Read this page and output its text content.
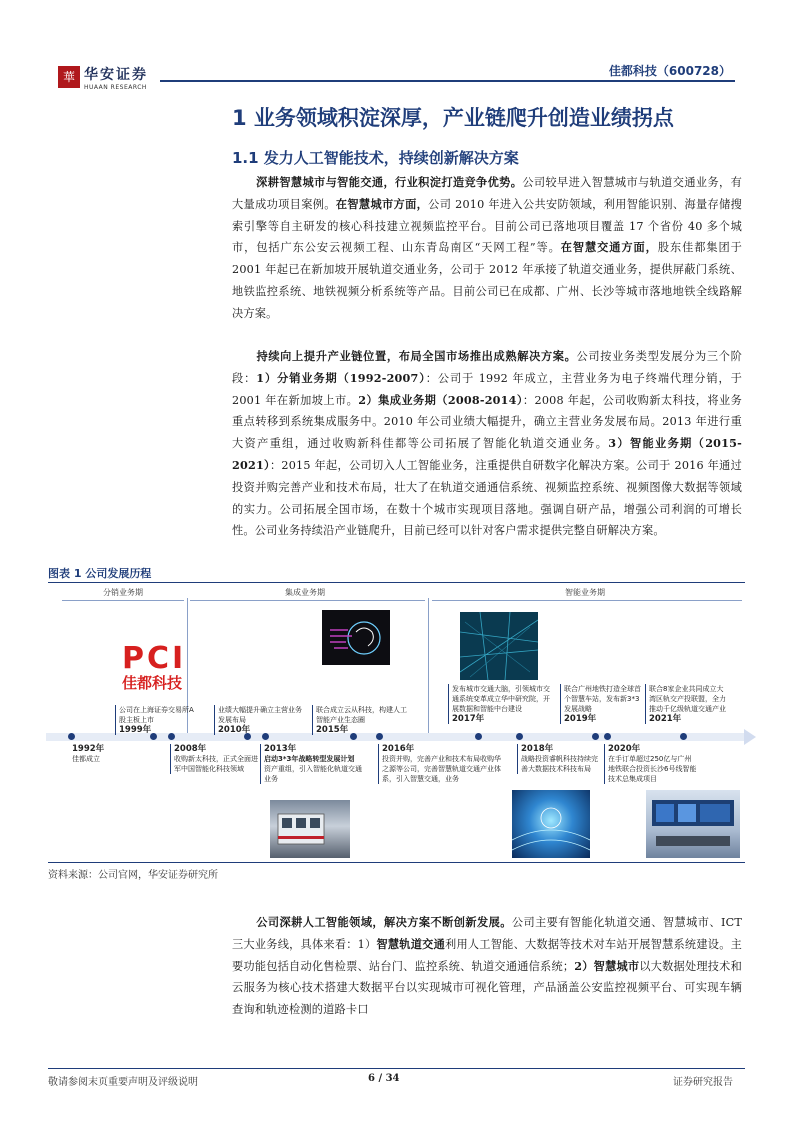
華 华安证券
HUAAN RESEARCH
佳都科技（600728）
1 业务领域积淀深厚，产业链爬升创造业绩拐点
1.1 发力人工智能技术，持续创新解决方案
深耕智慧城市与智能交通，行业积淀打造竞争优势。公司较早进入智慧城市与轨道交通业务，有大量成功项目案例。在智慧城市方面，公司 2010 年进入公共安防领域，利用智能识别、海量存储搜索引擎等自主研发的核心科技建立视频监控平台。目前公司已落地项目覆盖 17 个省份 40 多个城市，包括广东公安云视频工程、山东青岛南区“天网工程”等。在智慧交通方面，股东佳都集团于 2001 年起已在新加坡开展轨道交通业务，公司于 2012 年承接了轨道交通业务，提供屏蔽门系统、地铁监控系统、地铁视频分析系统等产品。目前公司已在成都、广州、长沙等城市落地地铁全线路解决方案。
持续向上提升产业链位置，布局全国市场推出成熟解决方案。公司按业务类型发展分为三个阶段：1）分销业务期（1992-2007）：公司于 1992 年成立，主营业务为电子终端代理分销，于 2001 年在新加坡上市。2）集成业务期（2008-2014）：2008 年起，公司收购新太科技，将业务重点转移到系统集成服务中。2010 年公司业绩大幅提升，确立主营业务发展布局。2013 年进行重大资产重组，通过收购新科佳都等公司拓展了智能化轨道交通业务。3）智能业务期（2015-2021）：2015 年起，公司切入人工智能业务，注重提供自研数字化解决方案。公司于 2016 年通过投资并购完善产业和技术布局，壮大了在轨道交通通信系统、视频监控系统、视频图像大数据等领域的实力。公司拓展全国市场，在数十个城市实现项目落地。强调自研产品，增强公司利润的可增长性。公司业务持续沿产业链爬升，目前已经可以针对客户需求提供完整自研解决方案。
图表 1 公司发展历程
分销业务期	集成业务期	智能业务期
PCI
佳都科技
公司在上海证券交易所A股主板上市
1999年
业绩大幅提升确立主营业务发展布局
2010年
联合成立云从科技，构建人工智能产业生态圈
2015年
发布城市交通大脑，引领城市交通系统变革成立华中研究院，开展数据和智能中台建设
2017年
联合广州地铁打造全球首个智慧车站，发布新3*3发展战略
2019年
联合8家企业共同成立大湾区轨交产投联盟，全力推动千亿级轨道交通产业
2021年
1992年
佳都成立
2008年
收购新太科技，正式全面进军中国智能化科技领域
2013年
启动3*3年战略转型发展计划
资产重组，引入智能化轨道交通业务
2016年
投资并购，完善产业和技术布局收购华之源等公司，完善智慧轨道交通产业体系，引入智慧交通，业务
2018年
战略投资睿帆科技持续完善大数据技术科技布局
2020年
在手订单超过250亿与广州地铁联合投资长沙6号线智能技术总集成项目
资料来源：公司官网，华安证券研究所
公司深耕人工智能领域，解决方案不断创新发展。公司主要有智能化轨道交通、智慧城市、ICT 三大业务线，具体来看：1）智慧轨道交通利用人工智能、大数据等技术对车站开展智慧系统建设。主要功能包括自动化售检票、站台门、监控系统、轨道交通通信系统；2）智慧城市以大数据处理技术和云服务为核心技术搭建大数据平台以实现城市可视化管理，产品涵盖公安监控视频平台、可实现车辆查询和轨迹检测的道路卡口
敬请参阅末页重要声明及评级说明	6 / 34	证券研究报告
